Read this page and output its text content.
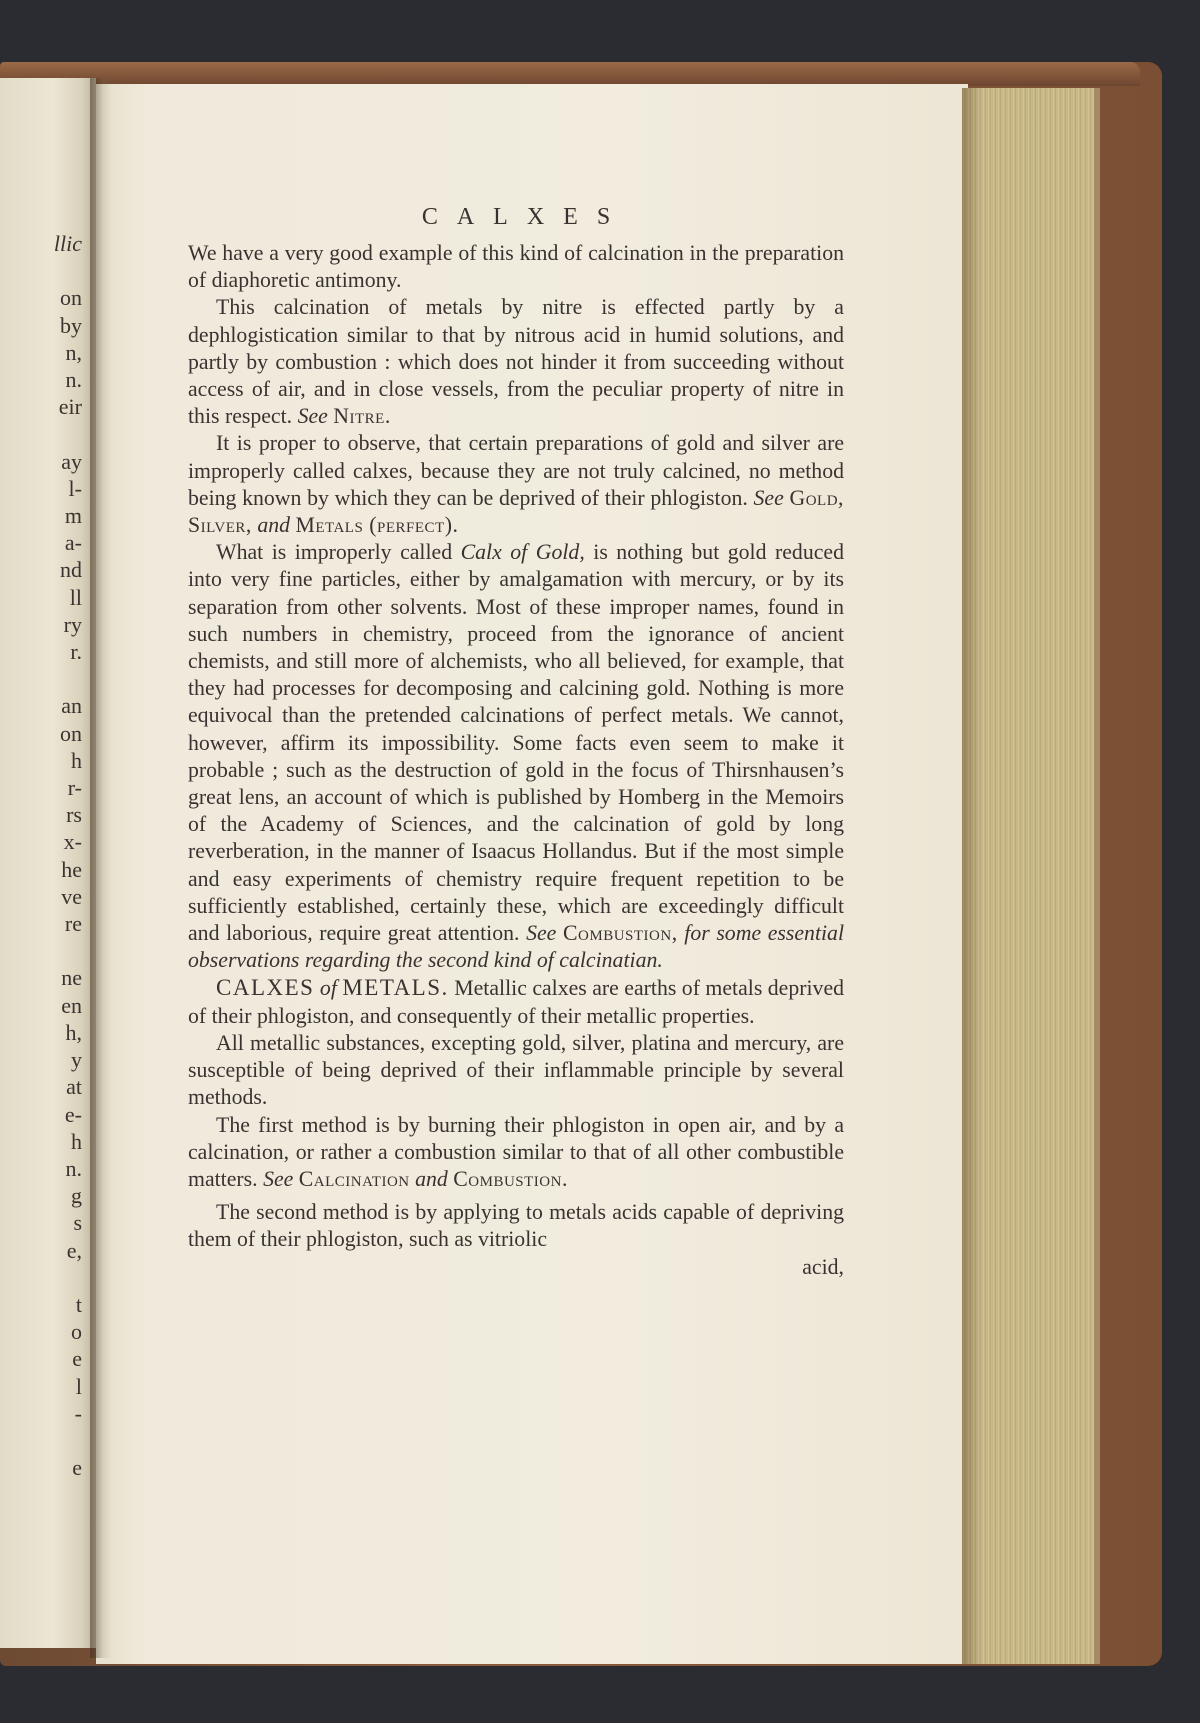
llic

on
by
n,
n.
eir

ay
l-
m
a-
nd
ll
ry
r.

an
on
h
r-
rs
x-
he
ve
re

ne
en
h,
y
at
e-
h
n.
g
s
e,

t
o
e
l
-

e
CALXES

We have a very good example of this kind of calcination in the preparation of diaphoretic antimony.

This calcination of metals by nitre is effected partly by a dephlogistication similar to that by nitrous acid in humid solutions, and partly by combustion : which does not hinder it from succeeding without access of air, and in close vessels, from the peculiar property of nitre in this respect. See Nitre.

It is proper to observe, that certain preparations of gold and silver are improperly called calxes, because they are not truly calcined, no method being known by which they can be deprived of their phlogiston. See Gold, Silver, and Metals (perfect).

What is improperly called Calx of Gold, is nothing but gold reduced into very fine particles, either by amalgamation with mercury, or by its separation from other solvents. Most of these improper names, found in such numbers in chemistry, proceed from the ignorance of ancient chemists, and still more of alchemists, who all believed, for example, that they had processes for decomposing and calcining gold. Nothing is more equivocal than the pretended calcinations of perfect metals. We cannot, however, affirm its impossibility. Some facts even seem to make it probable ; such as the destruction of gold in the focus of Thirsnhausen’s great lens, an account of which is published by Homberg in the Memoirs of the Academy of Sciences, and the calcination of gold by long reverberation, in the manner of Isaacus Hollandus. But if the most simple and easy experiments of chemistry require frequent repetition to be sufficiently established, certainly these, which are exceedingly difficult and laborious, require great attention. See Combustion, for some essential observations regarding the second kind of calcinatian.

CALXES of METALS. Metallic calxes are earths of metals deprived of their phlogiston, and consequently of their metallic properties.

All metallic substances, excepting gold, silver, platina and mercury, are susceptible of being deprived of their inflammable principle by several methods.

The first method is by burning their phlogiston in open air, and by a calcination, or rather a combustion similar to that of all other combustible matters. See Calcination and Combustion.

The second method is by applying to metals acids capable of depriving them of their phlogiston, such as vitriolic

acid,
